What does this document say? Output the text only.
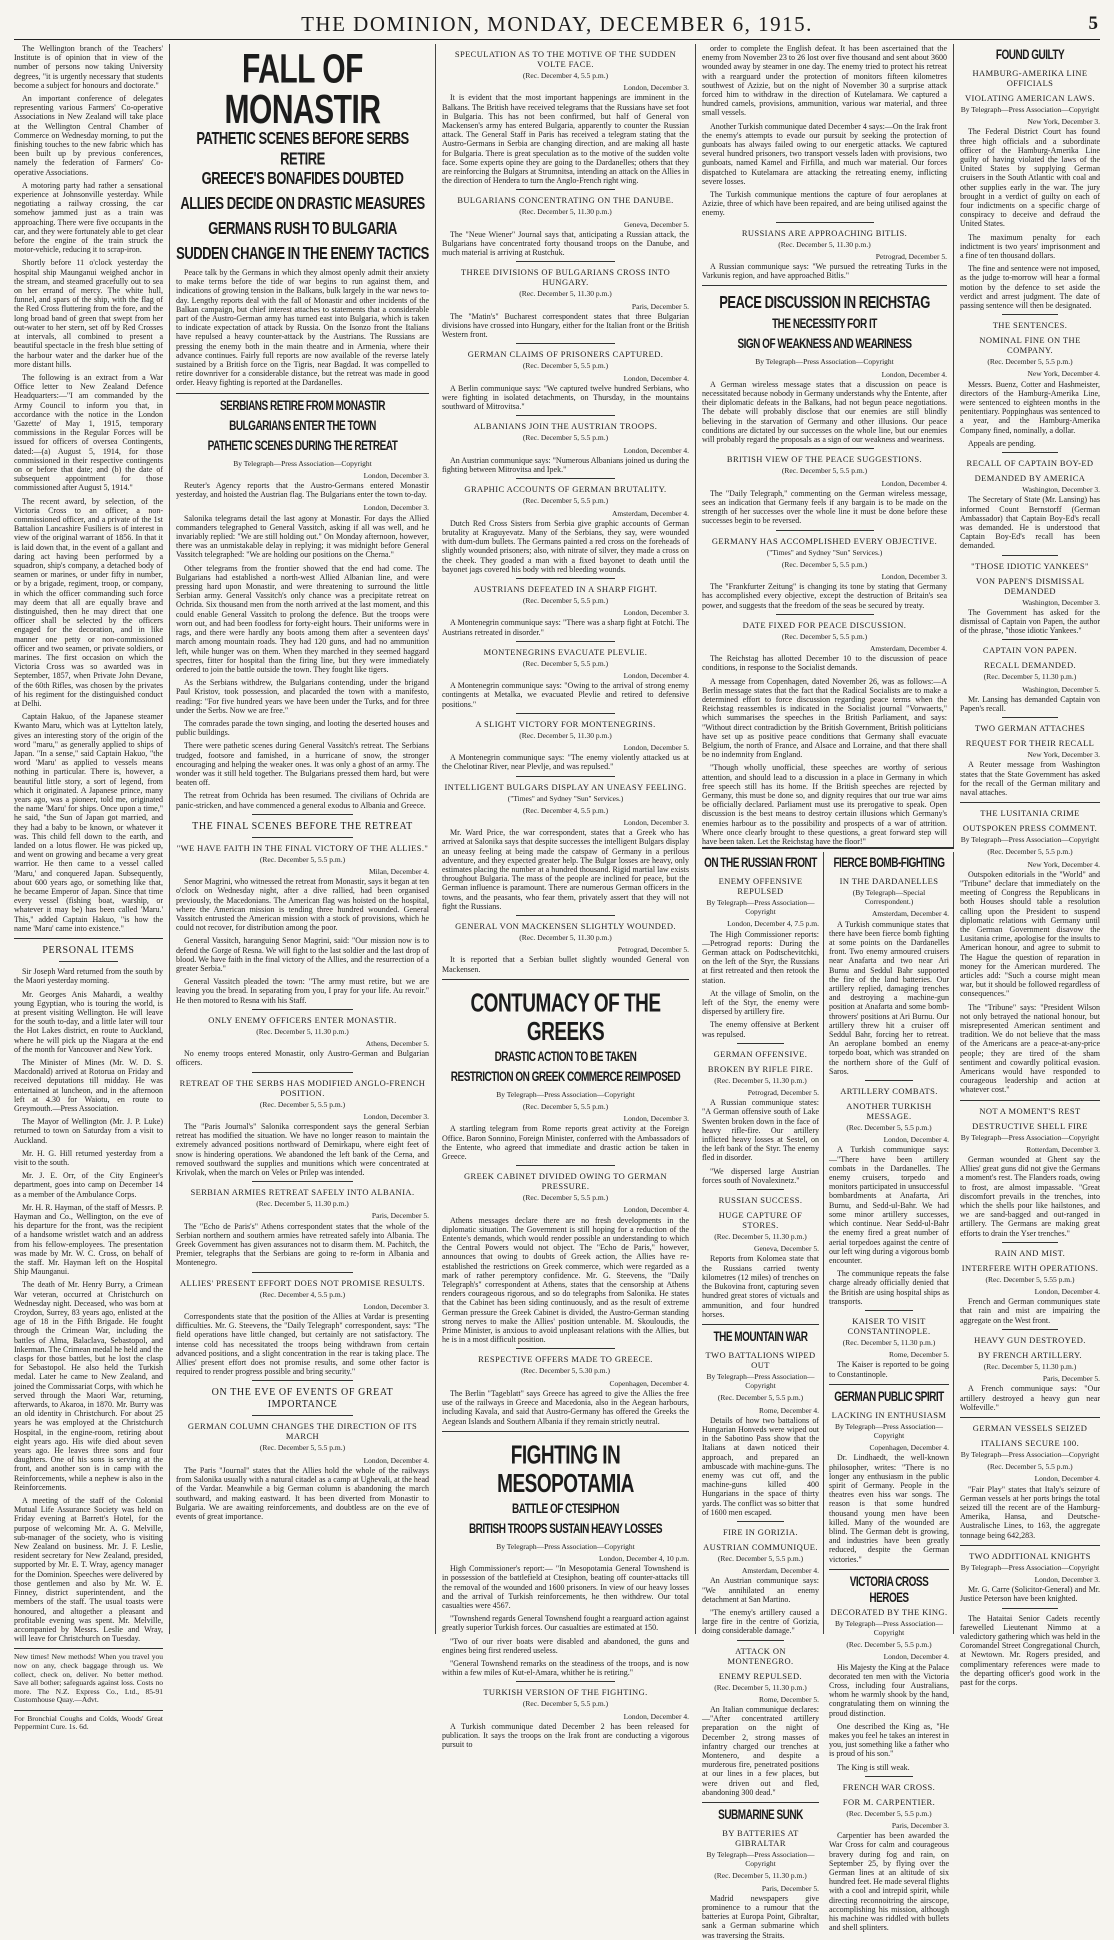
THE DOMINION, MONDAY, DECEMBER 6, 1915.	5

The Wellington branch of the Teachers' Institute is of opinion that in view of the number of persons now taking University degrees, "it is urgently necessary that students become a subject for honours and doctorate."

An important conference of delegates representing various Farmers' Co-operative Associations in New Zealand will take place at the Wellington Central Chamber of Commerce on Wednesday morning, to put the finishing touches to the new fabric which has been built up by previous conferences, namely the federation of Farmers' Co-operative Associations.

A motoring party had rather a sensational experience at Johnsonville yesterday. While negotiating a railway crossing, the car somehow jammed just as a train was approaching. There were five occupants in the car, and they were fortunately able to get clear before the engine of the train struck the motor-vehicle, reducing it to scrap-iron.

Shortly before 11 o'clock yesterday the hospital ship Maunganui weighed anchor in the stream, and steamed gracefully out to sea on her errand of mercy. The white hull, funnel, and spars of the ship, with the flag of the Red Cross fluttering from the fore, and the long broad band of green that swept from her out-water to her stern, set off by Red Crosses at intervals, all combined to present a beautiful spectacle in the fresh blue setting of the harbour water and the darker hue of the more distant hills.

The following is an extract from a War Office letter to New Zealand Defence Headquarters:—"I am commanded by the Army Council to inform you that, in accordance with the notice in the London 'Gazette' of May 1, 1915, temporary commissions in the Regular Forces will be issued for officers of oversea Contingents, dated:—(a) August 5, 1914, for those commissioned in their respective contingents on or before that date; and (b) the date of subsequent appointment for those commissioned after August 5, 1914."

The recent award, by selection, of the Victoria Cross to an officer, a non-commissioned officer, and a private of the 1st Battalion Lancashire Fusiliers is of interest in view of the original warrant of 1856. In that it is laid down that, in the event of a gallant and daring act having been performed by a squadron, ship's company, a detached body of seamen or marines, or under fifty in number, or by a brigade, regiment, troop, or company, in which the officer commanding such force may deem that all are equally brave and distinguished, then he may direct that one officer shall be selected by the officers engaged for the decoration, and in like manner one petty or non-commissioned officer and two seamen, or private soldiers, or marines. The first occasion on which the Victoria Cross was so awarded was in September, 1857, when Private John Devane, of the 60th Rifles, was chosen by the privates of his regiment for the distinguished conduct at Delhi.

Captain Hakuo, of the Japanese steamer Kwanto Maru, which was at Lyttelton lately, gives an interesting story of the origin of the word "maru," as generally applied to ships of Japan. "In a sense," said Captain Hakuo, "the word 'Maru' as applied to vessels means nothing in particular. There is, however, a beautiful little story, a sort of legend, from which it originated. A Japanese prince, many years ago, was a pioneer, told me, originated the name 'Maru' for ships. Once upon a time," he said, "the Sun of Japan got married, and they had a baby to be known, or whatever it was. This child fell down to the earth, and landed on a lotus flower. He was picked up, and went on growing and became a very great warrior. He then came to a vessel called 'Maru,' and conquered Japan. Subsequently, about 600 years ago, or something like that, he became Emperor of Japan. Since that time every vessel (fishing boat, warship, or whatever it may be) has been called 'Maru.' This," added Captain Hakuo, "is how the name 'Maru' came into existence."

PERSONAL ITEMS

Sir Joseph Ward returned from the south by the Maori yesterday morning.

Mr. Georges Anis Mahardi, a wealthy young Egyptian, who is touring the world, is at present visiting Wellington. He will leave for the south to-day, and a little later will tour the Hot Lakes district, en route to Auckland, where he will pick up the Niagara at the end of the month for Vancouver and New York.

The Minister of Mines (Mr. W. D. S. Macdonald) arrived at Rotorua on Friday and received deputations till midday. He was entertained at luncheon, and in the afternoon left at 4.30 for Waiotu, en route to Greymouth.—Press Association.

The Mayor of Wellington (Mr. J. P. Luke) returned to town on Saturday from a visit to Auckland.

Mr. H. G. Hill returned yesterday from a visit to the south.

Mr. J. E. Orr, of the City Engineer's department, goes into camp on December 14 as a member of the Ambulance Corps.

Mr. H. R. Hayman, of the staff of Messrs. P. Hayman and Co., Wellington, on the eve of his departure for the front, was the recipient of a handsome wristlet watch and an address from his fellow-employees. The presentation was made by Mr. W. C. Cross, on behalf of the staff. Mr. Hayman left on the Hospital Ship Maunganui.

The death of Mr. Henry Burry, a Crimean War veteran, occurred at Christchurch on Wednesday night. Deceased, who was born at Croydon, Surrey, 83 years ago, enlisted at the age of 18 in the Fifth Brigade. He fought through the Crimean War, including the battles of Alma, Balaclava, Sebastopol, and Inkerman. The Crimean medal he held and the clasps for those battles, but he lost the clasp for Sebastopol. He also held the Turkish medal. Later he came to New Zealand, and joined the Commissariat Corps, with which he served through the Maori War, returning, afterwards, to Akaroa, in 1870. Mr. Burry was an old identity in Christchurch. For about 25 years he was employed at the Christchurch Hospital, in the engine-room, retiring about eight years ago. His wife died about seven years ago. He leaves three sons and four daughters. One of his sons is serving at the front, and another son is in camp with the Reinforcements, while a nephew is also in the Reinforcements.

A meeting of the staff of the Colonial Mutual Life Assurance Society was held on Friday evening at Barrett's Hotel, for the purpose of welcoming Mr. A. G. Melville, sub-manager of the society, who is visiting New Zealand on business. Mr. J. F. Leslie, resident secretary for New Zealand, presided, supported by Mr. E. T. Wray, agency manager for the Dominion. Speeches were delivered by those gentlemen and also by Mr. W. E. Finney, district superintendent, and the members of the staff. The usual toasts were honoured, and altogether a pleasant and profitable evening was spent. Mr. Melville, accompanied by Messrs. Leslie and Wray, will leave for Christchurch on Tuesday.

New times! New methods! When you travel you now on any, check baggage through us. We collect, check on, deliver. No better method. Save all bother; safeguards against loss. Costs no more. The N.Z. Express Co., Ltd., 85-91 Customhouse Quay.—Advt.
For Bronchial Coughs and Colds, Woods' Great Peppermint Cure. 1s. 6d.
FALL OF MONASTIR
PATHETIC SCENES BEFORE SERBS RETIRE
GREECE'S BONAFIDES DOUBTED
ALLIES DECIDE ON DRASTIC MEASURES
GERMANS RUSH TO BULGARIA
SUDDEN CHANGE IN THE ENEMY TACTICS

Peace talk by the Germans in which they almost openly admit their anxiety to make terms before the tide of war begins to run against them, and indications of growing tension in the Balkans, bulk largely in the war news to-day. Lengthy reports deal with the fall of Monastir and other incidents of the Balkan campaign, but chief interest attaches to statements that a considerable part of the Austro-German army has turned east into Bulgaria, which is taken to indicate expectation of attack by Russia. On the Isonzo front the Italians have repulsed a heavy counter-attack by the Austrians. The Russians are pressing the enemy both in the main theatre and in Armenia, where their advance continues. Fairly full reports are now available of the reverse lately sustained by a British force on the Tigris, near Bagdad. It was compelled to retire downriver for a considerable distance, but the retreat was made in good order. Heavy fighting is reported at the Dardanelles.

SERBIANS RETIRE FROM MONASTIR
BULGARIANS ENTER THE TOWN
PATHETIC SCENES DURING THE RETREAT

By Telegraph—Press Association—Copyright

London, December 3.

Reuter's Agency reports that the Austro-Germans entered Monastir yesterday, and hoisted the Austrian flag. The Bulgarians enter the town to-day.

London, December 3.

Salonika telegrams detail the last agony at Monastir. For days the Allied commanders telegraphed to General Vassitch, asking if all was well, and he invariably replied: "We are still holding out." On Monday afternoon, however, there was an unmistakable delay in replying; it was midnight before General Vassitch telegraphed: "We are holding our positions on the Cherna."

Other telegrams from the frontier showed that the end had come. The Bulgarians had established a north-west Allied Albanian line, and were pressing hard upon Monastir, and were threatening to surround the little Serbian army. General Vassitch's only chance was a precipitate retreat on Ochrida. Six thousand men from the north arrived at the last moment, and this could enable General Vassitch to prolong the defence. But the troops were worn out, and had been foodless for forty-eight hours. Their uniforms were in rags, and there were hardly any boots among them after a seventeen days' march among mountain roads. They had 120 guns, and had no ammunition left, while hunger was on them. When they marched in they seemed haggard spectres, fitter for hospital than the firing line, but they were immediately ordered to join the battle outside the town. They fought like tigers.

As the Serbians withdrew, the Bulgarians contending, under the brigand Paul Kristov, took possession, and placarded the town with a manifesto, reading: "For five hundred years we have been under the Turks, and for three under the Serbs. Now we are free."

The comrades parade the town singing, and looting the deserted houses and public buildings.

There were pathetic scenes during General Vassitch's retreat. The Serbians trudged, footsore and famished, in a hurricane of snow, the stronger encouraging and helping the weaker ones. It was only a ghost of an army. The wonder was it still held together. The Bulgarians pressed them hard, but were beaten off.

The retreat from Ochrida has been resumed. The civilians of Ochrida are panic-stricken, and have commenced a general exodus to Albania and Greece.

THE FINAL SCENES BEFORE THE RETREAT
"WE HAVE FAITH IN THE FINAL VICTORY OF THE ALLIES."

(Rec. December 5, 5.5 p.m.)

Milan, December 4.

Senor Magrini, who witnessed the retreat from Monastir, says it began at ten o'clock on Wednesday night, after a dive rallied, had been organised previously, the Macedonians. The American flag was hoisted on the hospital, where the American mission is tending three hundred wounded. General Vassitch entrusted the American mission with a stock of provisions, which he could not recover, for distribution among the poor.

General Vassitch, haranguing Senor Magrini, said: "Our mission now is to defend the Gorge of Resna. We will fight to the last soldier and the last drop of blood. We have faith in the final victory of the Allies, and the resurrection of a greater Serbia."

General Vassitch pleaded the town: "The army must retire, but we are leaving you the bread. In separating from you, I pray for your life. Au revoir." He then motored to Resna with his Staff.

ONLY ENEMY OFFICERS ENTER MONASTIR.

(Rec. December 5, 11.30 p.m.)

Athens, December 5.

No enemy troops entered Monastir, only Austro-German and Bulgarian officers.

RETREAT OF THE SERBS HAS MODIFIED ANGLO-FRENCH POSITION.

(Rec. December 5, 5.5 p.m.)

London, December 3.

The "Paris Journal's" Salonika correspondent says the general Serbian retreat has modified the situation. We have no longer reason to maintain the extremely advanced positions northward of Demirkapu, where eight feet of snow is hindering operations. We abandoned the left bank of the Cerna, and removed southward the supplies and munitions which were concentrated at Krivolak, when the march on Veles or Prilep was intended.

SERBIAN ARMIES RETREAT SAFELY INTO ALBANIA.

(Rec. December 5, 11.30 p.m.)

Paris, December 5.

The "Echo de Paris's" Athens correspondent states that the whole of the Serbian northern and southern armies have retreated safely into Albania. The Greek Government has given assurances not to disarm them. M. Pachitch, the Premier, telegraphs that the Serbians are going to re-form in Albania and Montenegro.

ALLIES' PRESENT EFFORT DOES NOT PROMISE RESULTS.

(Rec. December 4, 5.5 p.m.)

London, December 3.

Correspondents state that the position of the Allies at Vardar is presenting difficulties. Mr. G. Steevens, the "Daily Telegraph" correspondent, says: "The field operations have little changed, but certainly are not satisfactory. The intense cold has necessitated the troops being withdrawn from certain advanced positions, and a slight concentration in the rear is taking place. The Allies' present effort does not promise results, and some other factor is required to render progress possible and bring security."

ON THE EVE OF EVENTS OF GREAT IMPORTANCE
GERMAN COLUMN CHANGES THE DIRECTION OF ITS MARCH

(Rec. December 5, 5.5 p.m.)

London, December 4.

The Paris "Journal" states that the Allies hold the whole of the railways from Salonika usually with a natural citadel as a camp at Ughevali, at the head of the Vardar. Meanwhile a big German column is abandoning the march southward, and making eastward. It has been diverted from Monastir to Bulgaria. We are awaiting reinforcements, and doubtless are on the eve of events of great importance.

SPECULATION AS TO THE MOTIVE OF THE SUDDEN VOLTE FACE.

(Rec. December 4, 5.5 p.m.)

London, December 3.

It is evident that the most important happenings are imminent in the Balkans. The British have received telegrams that the Russians have set foot in Bulgaria. This has not been confirmed, but half of General von Mackensen's army has entered Bulgaria, apparently to counter the Russian attack. The General Staff in Paris has received a telegram stating that the Austro-Germans in Serbia are changing direction, and are making all haste for Bulgaria. There is great speculation as to the motive of the sudden volte face. Some experts opine they are going to the Dardanelles; others that they are reinforcing the Bulgars at Strumnitsa, intending an attack on the Allies in the direction of Hendera to turn the Anglo-French right wing.

BULGARIANS CONCENTRATING ON THE DANUBE.

(Rec. December 5, 11.30 p.m.)

Geneva, December 5.

The "Neue Wiener" Journal says that, anticipating a Russian attack, the Bulgarians have concentrated forty thousand troops on the Danube, and much material is arriving at Rustchuk.

THREE DIVISIONS OF BULGARIANS CROSS INTO HUNGARY.

(Rec. December 5, 11.30 p.m.)

Paris, December 5.

The "Matin's" Bucharest correspondent states that three Bulgarian divisions have crossed into Hungary, either for the Italian front or the British Western front.

GERMAN CLAIMS OF PRISONERS CAPTURED.

(Rec. December 5, 5.5 p.m.)

London, December 4.

A Berlin communique says: "We captured twelve hundred Serbians, who were fighting in isolated detachments, on Thursday, in the mountains southward of Mitrovitsa."

ALBANIANS JOIN THE AUSTRIAN TROOPS.

(Rec. December 5, 5.5 p.m.)

London, December 4.

An Austrian communique says: "Numerous Albanians joined us during the fighting between Mitrovitsa and Ipek."

GRAPHIC ACCOUNTS OF GERMAN BRUTALITY.

(Rec. December 5, 5.5 p.m.)

Amsterdam, December 4.

Dutch Red Cross Sisters from Serbia give graphic accounts of German brutality at Kraguyevatz. Many of the Serbians, they say, were wounded with dum-dum bullets. The Germans painted a red cross on the foreheads of slightly wounded prisoners; also, with nitrate of silver, they made a cross on the cheek. They goaded a man with a fixed bayonet to death until the bayonet jags covered his body with red bleeding wounds.

AUSTRIANS DEFEATED IN A SHARP FIGHT.

(Rec. December 5, 5.5 p.m.)

London, December 3.

A Montenegrin communique says: "There was a sharp fight at Fotchi. The Austrians retreated in disorder."

MONTENEGRINS EVACUATE PLEVLIE.

(Rec. December 5, 5.5 p.m.)

London, December 4.

A Montenegrin communique says: "Owing to the arrival of strong enemy contingents at Metalka, we evacuated Plevlie and retired to defensive positions."

A SLIGHT VICTORY FOR MONTENEGRINS.

(Rec. December 5, 11.30 p.m.)

London, December 5.

A Montenegrin communique says: "The enemy violently attacked us at the Chelotinar River, near Plevlje, and was repulsed."

INTELLIGENT BULGARS DISPLAY AN UNEASY FEELING.

("Times" and Sydney "Sun" Services.)

(Rec. December 4, 5.5 p.m.)

London, December 3.

Mr. Ward Price, the war correspondent, states that a Greek who has arrived at Salonika says that despite successes the intelligent Bulgars display an uneasy feeling at being made the catspaw of Germany in a perilous adventure, and they expected greater help. The Bulgar losses are heavy, only estimates placing the number at a hundred thousand. Rigid martial law exists throughout Bulgaria. The mass of the people are inclined for peace, but the German influence is paramount. There are numerous German officers in the towns, and the peasants, who fear them, privately assert that they will not fight the Russians.

GENERAL VON MACKENSEN SLIGHTLY WOUNDED.

(Rec. December 5, 11.30 p.m.)

Petrograd, December 5.

It is reported that a Serbian bullet slightly wounded General von Mackensen.

CONTUMACY OF THE GREEKS
DRASTIC ACTION TO BE TAKEN
RESTRICTION ON GREEK COMMERCE REIMPOSED

By Telegraph—Press Association—Copyright

(Rec. December 5, 5.5 p.m.)

London, December 3.

A startling telegram from Rome reports great activity at the Foreign Office. Baron Sonnino, Foreign Minister, conferred with the Ambassadors of the Entente, who agreed that immediate and drastic action be taken in Greece.

GREEK CABINET DIVIDED OWING TO GERMAN PRESSURE.

(Rec. December 5, 5.5 p.m.)

London, December 4.

Athens messages declare there are no fresh developments in the diplomatic situation. The Government is still hoping for a reduction of the Entente's demands, which would render possible an understanding to which the Central Powers would not object. The "Echo de Paris," however, announces that owing to doubts of Greek action, the Allies have re-established the restrictions on Greek commerce, which were regarded as a mark of rather peremptory confidence. Mr. G. Steevens, the "Daily Telegraph's" correspondent at Athens, states that the censorship at Athens renders courageous rigorous, and so do telegraphs from Salonika. He states that the Cabinet has been siding continuously, and as the result of extreme German pressure the Greek Cabinet is divided, the Austro-German standing strong nerves to make the Allies' position untenable. M. Skouloudis, the Prime Minister, is anxious to avoid unpleasant relations with the Allies, but he is in a most difficult position.

RESPECTIVE OFFERS MADE TO GREECE.

(Rec. December 5, 5.30 p.m.)

Copenhagen, December 4.

The Berlin "Tageblatt" says Greece has agreed to give the Allies the free use of the railways in Greece and Macedonia, also in the Aegean harbours, including Kavala, and said that Austro-Germany has offered the Greeks the Aegean Islands and Southern Albania if they remain strictly neutral.

FIGHTING IN MESOPOTAMIA
BATTLE OF CTESIPHON
BRITISH TROOPS SUSTAIN HEAVY LOSSES

By Telegraph—Press Association—Copyright

London, December 4, 10 p.m.

High Commissioner's report:— "In Mesopotamia General Townshend is in possession of the battlefield at Ctesiphon, beating off counter-attacks till the removal of the wounded and 1600 prisoners. In view of our heavy losses and the arrival of Turkish reinforcements, he then withdrew. Our total casualties were 4567.

"Townshend regards General Townshend fought a rearguard action against greatly superior Turkish forces. Our casualties are estimated at 150.

"Two of our river boats were disabled and abandoned, the guns and engines being first rendered useless.

"General Townshend remarks on the steadiness of the troops, and is now within a few miles of Kut-el-Amara, whither he is retiring."

TURKISH VERSION OF THE FIGHTING.

(Rec. December 5, 5.5 p.m.)

London, December 4.

A Turkish communique dated December 2 has been released for publication. It says the troops on the Irak front are conducting a vigorous pursuit to

order to complete the English defeat. It has been ascertained that the enemy from November 23 to 26 lost over five thousand and sent about 3600 wounded away by steamer in one day. The enemy tried to protect his retreat with a rearguard under the protection of monitors fifteen kilometres southwest of Azizie, but on the night of November 30 a surprise attack forced him to withdraw in the direction of Kutelamara. We captured a hundred camels, provisions, ammunition, various war material, and three small vessels.

Another Turkish communique dated December 4 says:—On the Irak front the enemy's attempts to evade our pursuit by seeking the protection of gunboats has always failed owing to our energetic attacks. We captured several hundred prisoners, two transport vessels laden with provisions, two gunboats, named Kamel and Firfilla, and much war material. Our forces dispatched to Kutelamara are attacking the retreating enemy, inflicting severe losses.

The Turkish communique mentions the capture of four aeroplanes at Azizie, three of which have been repaired, and are being utilised against the enemy.

RUSSIANS ARE APPROACHING BITLIS.

(Rec. December 5, 11.30 p.m.)

Petrograd, December 5.

A Russian communique says: "We pursued the retreating Turks in the Varkunis region, and have approached Bitlis."

PEACE DISCUSSION IN REICHSTAG
THE NECESSITY FOR IT
SIGN OF WEAKNESS AND WEARINESS

By Telegraph—Press Association—Copyright

London, December 4.

A German wireless message states that a discussion on peace is necessitated because nobody in Germany understands why the Entente, after their diplomatic defeats in the Balkans, had not begun peace negotiations. The debate will probably disclose that our enemies are still blindly believing in the starvation of Germany and other illusions. Our peace conditions are dictated by our successes on the whole line, but our enemies will probably regard the proposals as a sign of our weakness and weariness.

BRITISH VIEW OF THE PEACE SUGGESTIONS.

(Rec. December 5, 5.5 p.m.)

London, December 4.

The "Daily Telegraph," commenting on the German wireless message, sees an indication that Germany feels if any bargain is to be made on the strength of her successes over the whole line it must be done before these successes begin to be reversed.

GERMANY HAS ACCOMPLISHED EVERY OBJECTIVE.

("Times" and Sydney "Sun" Services.)

(Rec. December 5, 5.5 p.m.)

London, December 3.

The "Frankfurter Zeitung" is changing its tone by stating that Germany has accomplished every objective, except the destruction of Britain's sea power, and suggests that the freedom of the seas be secured by treaty.

DATE FIXED FOR PEACE DISCUSSION.

(Rec. December 5, 5.5 p.m.)

Amsterdam, December 4.

The Reichstag has allotted December 10 to the discussion of peace conditions, in response to the Socialist demands.

A message from Copenhagen, dated November 26, was as follows:—A Berlin message states that the fact that the Radical Socialists are to make a determined effort to force discussion regarding peace terms when the Reichstag reassembles is indicated in the Socialist journal "Vorwaerts," which summarises the speeches in the British Parliament, and says: "Without direct contradiction by the British Government, British politicians have set up as positive peace conditions that Germany shall evacuate Belgium, the north of France, and Alsace and Lorraine, and that there shall be no indemnity from England.

"Though wholly unofficial, these speeches are worthy of serious attention, and should lead to a discussion in a place in Germany in which free speech still has its home. If the British speeches are rejected by Germany, this must be done so, and dignity requires that our true war aims be officially declared. Parliament must use its prerogative to speak. Open discussion is the best means to destroy certain illusions which Germany's enemies harbour as to the possibility and prospects of a war of attrition. Where once clearly brought to these questions, a great forward step will have been taken. Let the Reichstag have the floor!"

ON THE RUSSIAN FRONT
ENEMY OFFENSIVE REPULSED

By Telegraph—Press Association—Copyright

London, December 4, 7.5 p.m.

The High Commissioner reports:—Petrograd reports: During the German attack on Podtschevitchki, on the left of the Styr, the Russians at first retreated and then retook the station.

At the village of Smolin, on the left of the Styr, the enemy were dispersed by artillery fire.

The enemy offensive at Berkent was repulsed.

GERMAN OFFENSIVE.
BROKEN BY RIFLE FIRE.

(Rec. December 5, 11.30 p.m.)

Petrograd, December 5.

A Russian communique states: "A German offensive south of Lake Swenten broken down in the face of heavy rifle-fire. Our artillery inflicted heavy losses at Sestel, on the left bank of the Styr. The enemy fled in disorder.

"We dispersed large Austrian forces south of Novalexinetz."

RUSSIAN SUCCESS.
HUGE CAPTURE OF STORES.

(Rec. December 5, 11.30 p.m.)

Geneva, December 5.

Reports from Kolomea state that the Russians carried twenty kilometres (12 miles) of trenches on the Bukovina front, capturing seven hundred great stores of victuals and ammunition, and four hundred horses.

THE MOUNTAIN WAR
TWO BATTALIONS WIPED OUT

By Telegraph—Press Association—Copyright

(Rec. December 5, 5.5 p.m.)

Rome, December 4.

Details of how two battalions of Hungarian Honveds were wiped out in the Sabotino Pass show that the Italians at dawn noticed their approach, and prepared an ambuscade with machine-guns. The enemy was cut off, and the machine-guns killed 400 Hungarians in the space of thirty yards. The conflict was so bitter that of 1600 men escaped.

FIRE IN GORIZIA.
AUSTRIAN COMMUNIQUE.

(Rec. December 5, 5.5 p.m.)

Amsterdam, December 4.

An Austrian communique says: "We annihilated an enemy detachment at San Martino.

"The enemy's artillery caused a large fire in the centre of Gorizia, doing considerable damage."

ATTACK ON MONTENEGRO.
ENEMY REPULSED.

(Rec. December 5, 11.30 p.m.)

Rome, December 5.

An Italian communique declares:—"After concentrated artillery preparation on the night of December 2, strong masses of infantry charged our trenches at Montenero, and despite a murderous fire, penetrated positions at our lines in a few places, but were driven out and fled, abandoning 300 dead."

SUBMARINE SUNK
BY BATTERIES AT GIBRALTAR

By Telegraph—Press Association—Copyright

(Rec. December 5, 11.30 p.m.)

Paris, December 5.

Madrid newspapers give prominence to a rumour that the batteries at Europa Point, Gibraltar, sank a German submarine which was traversing the Straits.

FIERCE BOMB-FIGHTING
IN THE DARDANELLES

(By Telegraph—Special Correspondent.)

Amsterdam, December 4.

A Turkish communique states that there have been fierce bomb fighting at some points on the Dardanelles front. Two enemy armoured cruisers near Anafarta and two near Ari Burnu and Seddul Bahr supported the fire of the land batteries. Our artillery replied, damaging trenches and destroying a machine-gun position at Anafarta and some bomb-throwers' positions at Ari Burnu. Our artillery threw hit a cruiser off Seddul Bahr, forcing her to retreat. An aeroplane bombed an enemy torpedo boat, which was stranded on the northern shore of the Gulf of Saros.

ARTILLERY COMBATS.
ANOTHER TURKISH MESSAGE.

(Rec. December 5, 5.5 p.m.)

London, December 4.

A Turkish communique says:—"There have been artillery combats in the Dardanelles. The enemy cruisers, torpedo and monitors participated in unsuccessful bombardments at Anafarta, Ari Burnu, and Sedd-ul-Bahr. We had some minor artillery successes, which continue. Near Sedd-ul-Bahr the enemy fired a great number of aerial torpedoes against the centre of our left wing during a vigorous bomb encounter.

The communique repeats the false charge already officially denied that the British are using hospital ships as transports.

KAISER TO VISIT CONSTANTINOPLE.

(Rec. December 5, 11.30 p.m.)

Rome, December 5.

The Kaiser is reported to be going to Constantinople.

GERMAN PUBLIC SPIRIT
LACKING IN ENTHUSIASM

By Telegraph—Press Association—Copyright

Copenhagen, December 4.

Dr. Lindhaedt, the well-known philosopher, writes: "There is no longer any enthusiasm in the public spirit of Germany. People in the theatres even hiss war songs. The reason is that some hundred thousand young men have been killed. Many of the wounded are blind. The German debt is growing, and industries have been greatly reduced, despite the German victories."

VICTORIA CROSS HEROES
DECORATED BY THE KING.

By Telegraph—Press Association—Copyright

(Rec. December 5, 5.5 p.m.)

London, December 4.

His Majesty the King at the Palace decorated ten men with the Victoria Cross, including four Australians, whom he warmly shook by the hand, congratulating them on winning the proud distinction.

One described the King as, "He makes you feel he takes an interest in you, just something like a father who is proud of his son."

The King is still weak.

FRENCH WAR CROSS.
FOR M. CARPENTIER.

(Rec. December 5, 5.5 p.m.)

Paris, December 3.

Carpentier has been awarded the War Cross for calm and courageous bravery during fog and rain, on September 25, by flying over the German lines at an altitude of six hundred feet. He made several flights with a cool and intrepid spirit, while directing reconnoitring the airscope, accomplishing his mission, although his machine was riddled with bullets and shell splinters.

FOUND GUILTY
HAMBURG-AMERIKA LINE OFFICIALS
VIOLATING AMERICAN LAWS.

By Telegraph—Press Association—Copyright

New York, December 3.

The Federal District Court has found three high officials and a subordinate officer of the Hamburg-Amerika Line guilty of having violated the laws of the United States by supplying German cruisers in the South Atlantic with coal and other supplies early in the war. The jury brought in a verdict of guilty on each of four indictments on a specific charge of conspiracy to deceive and defraud the United States.

The maximum penalty for each indictment is two years' imprisonment and a fine of ten thousand dollars.

The fine and sentence were not imposed, as the judge to-morrow will hear a formal motion by the defence to set aside the verdict and arrest judgment. The date of passing sentence will then be designated.

THE SENTENCES.
NOMINAL FINE ON THE COMPANY.

(Rec. December 5, 5.5 p.m.)

New York, December 4.

Messrs. Buenz, Cotter and Hashmeister, directors of the Hamburg-Amerika Line, were sentenced to eighteen months in the penitentiary. Poppinghaus was sentenced to a year, and the Hamburg-Amerika Company fined, nominally, a dollar.

Appeals are pending.

RECALL OF CAPTAIN BOY-ED
DEMANDED BY AMERICA

Washington, December 3.

The Secretary of State (Mr. Lansing) has informed Count Bernstorff (German Ambassador) that Captain Boy-Ed's recall was demanded. He is understood that Captain Boy-Ed's recall has been demanded.

"THOSE IDIOTIC YANKEES"
VON PAPEN'S DISMISSAL DEMANDED

Washington, December 3.

The Government has asked for the dismissal of Captain von Papen, the author of the phrase, "those idiotic Yankees."

CAPTAIN VON PAPEN.
RECALL DEMANDED.

(Rec. December 5, 11.30 p.m.)

Washington, December 5.

Mr. Lansing has demanded Captain von Papen's recall.

TWO GERMAN ATTACHES
REQUEST FOR THEIR RECALL

New York, December 3.

A Reuter message from Washington states that the State Government has asked for the recall of the German military and naval attaches.

THE LUSITANIA CRIME
OUTSPOKEN PRESS COMMENT.

By Telegraph—Press Association—Copyright

(Rec. December 5, 5.5 p.m.)

New York, December 4.

Outspoken editorials in the "World" and "Tribune" declare that immediately on the meeting of Congress the Republicans in both Houses should table a resolution calling upon the President to suspend diplomatic relations with Germany until the German Government disavow the Lusitania crime, apologise for the insults to American honour, and agree to submit to The Hague the question of reparation in money for the American murdered. The articles add: "Such a course might mean war, but it should be followed regardless of consequences."

The "Tribune" says: "President Wilson not only betrayed the national honour, but misrepresented American sentiment and tradition. We do not believe that the mass of the Americans are a peace-at-any-price people; they are tired of the sham sentiment and cowardly political evasion. Americans would have responded to courageous leadership and action at whatever cost."

NOT A MOMENT'S REST
DESTRUCTIVE SHELL FIRE

By Telegraph—Press Association—Copyright

Rotterdam, December 3.

German wounded at Ghent say the Allies' great guns did not give the Germans a moment's rest. The Flanders roads, owing to frost, are almost impassable. "Great discomfort prevails in the trenches, into which the shells pour like hailstones, and we are sand-bagged and out-ranged in artillery. The Germans are making great efforts to drain the Yser trenches."

RAIN AND MIST.
INTERFERE WITH OPERATIONS.

(Rec. December 5, 5.55 p.m.)

London, December 4.

French and German communiques state that rain and mist are impairing the aggregate on the West front.

HEAVY GUN DESTROYED.
BY FRENCH ARTILLERY.

(Rec. December 5, 11.30 p.m.)

Paris, December 5.

A French communique says: "Our artillery destroyed a heavy gun near Wolfeville."

GERMAN VESSELS SEIZED
ITALIANS SECURE 100.

By Telegraph—Press Association—Copyright

(Rec. December 5, 5.5 p.m.)

London, December 4.

"Fair Play" states that Italy's seizure of German vessels at her ports brings the total seized till the recent are of the Hamburg-Amerika, Hansa, and Deutsche-Australische Lines, to 163, the aggregate tonnage being 642,283.

TWO ADDITIONAL KNIGHTS

By Telegraph—Press Association—Copyright

London, December 3.

Mr. G. Carre (Solicitor-General) and Mr. Justice Peterson have been knighted.

The Hataitai Senior Cadets recently farewelled Lieutenant Nimmo at a valedictory gathering which was held in the Coromandel Street Congregational Church, at Newtown. Mr. Rogers presided, and complimentary references were made to the departing officer's good work in the past for the corps.
